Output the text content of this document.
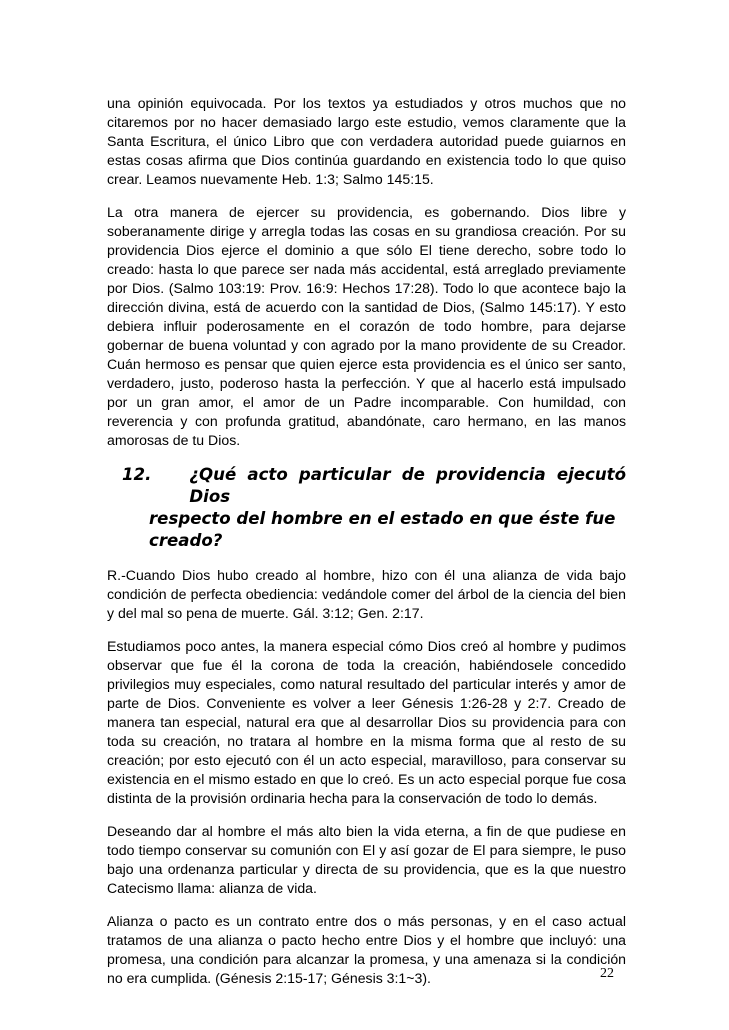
una opinión equivocada. Por los textos ya estudiados y otros muchos que no citaremos por no hacer demasiado largo este estudio, vemos claramente que la Santa Escritura, el único Libro que con verdadera autoridad puede guiarnos en estas cosas afirma que Dios continúa guardando en existencia todo lo que quiso crear. Leamos nuevamente Heb. 1:3; Salmo 145:15.

La otra manera de ejercer su providencia, es gobernando. Dios libre y soberanamente dirige y arregla todas las cosas en su grandiosa creación. Por su providencia Dios ejerce el dominio a que sólo El tiene derecho, sobre todo lo creado: hasta lo que parece ser nada más accidental, está arreglado previamente por Dios. (Salmo 103:19: Prov. 16:9: Hechos 17:28). Todo lo que acontece bajo la dirección divina, está de acuerdo con la santidad de Dios, (Salmo 145:17). Y esto debiera influir poderosamente en el corazón de todo hombre, para dejarse gobernar de buena voluntad y con agrado por la mano providente de su Creador. Cuán hermoso es pensar que quien ejerce esta providencia es el único ser santo, verdadero, justo, poderoso hasta la perfección. Y que al hacerlo está impulsado por un gran amor, el amor de un Padre incomparable. Con humildad, con reverencia y con profunda gratitud, abandónate, caro hermano, en las manos amorosas de tu Dios.

12. ¿Qué acto particular de providencia ejecutó Dios
respecto del hombre en el estado en que éste fue creado?

R.-Cuando Dios hubo creado al hombre, hizo con él una alianza de vida bajo condición de perfecta obediencia: vedándole comer del árbol de la ciencia del bien y del mal so pena de muerte. Gál. 3:12; Gen. 2:17.

Estudiamos poco antes, la manera especial cómo Dios creó al hombre y pudimos observar que fue él la corona de toda la creación, habiéndosele concedido privilegios muy especiales, como natural resultado del particular interés y amor de parte de Dios. Conveniente es volver a leer Génesis 1:26-28 y 2:7. Creado de manera tan especial, natural era que al desarrollar Dios su providencia para con toda su creación, no tratara al hombre en la misma forma que al resto de su creación; por esto ejecutó con él un acto especial, maravilloso, para conservar su existencia en el mismo estado en que lo creó. Es un acto especial porque fue cosa distinta de la provisión ordinaria hecha para la conservación de todo lo demás.

Deseando dar al hombre el más alto bien la vida eterna, a fin de que pudiese en todo tiempo conservar su comunión con El y así gozar de El para siempre, le puso bajo una ordenanza particular y directa de su providencia, que es la que nuestro Catecismo llama: alianza de vida.

Alianza o pacto es un contrato entre dos o más personas, y en el caso actual tratamos de una alianza o pacto hecho entre Dios y el hombre que incluyó: una promesa, una condición para alcanzar la promesa, y una amenaza si la condición no era cumplida. (Génesis 2:15-17; Génesis 3:1~3).	22
